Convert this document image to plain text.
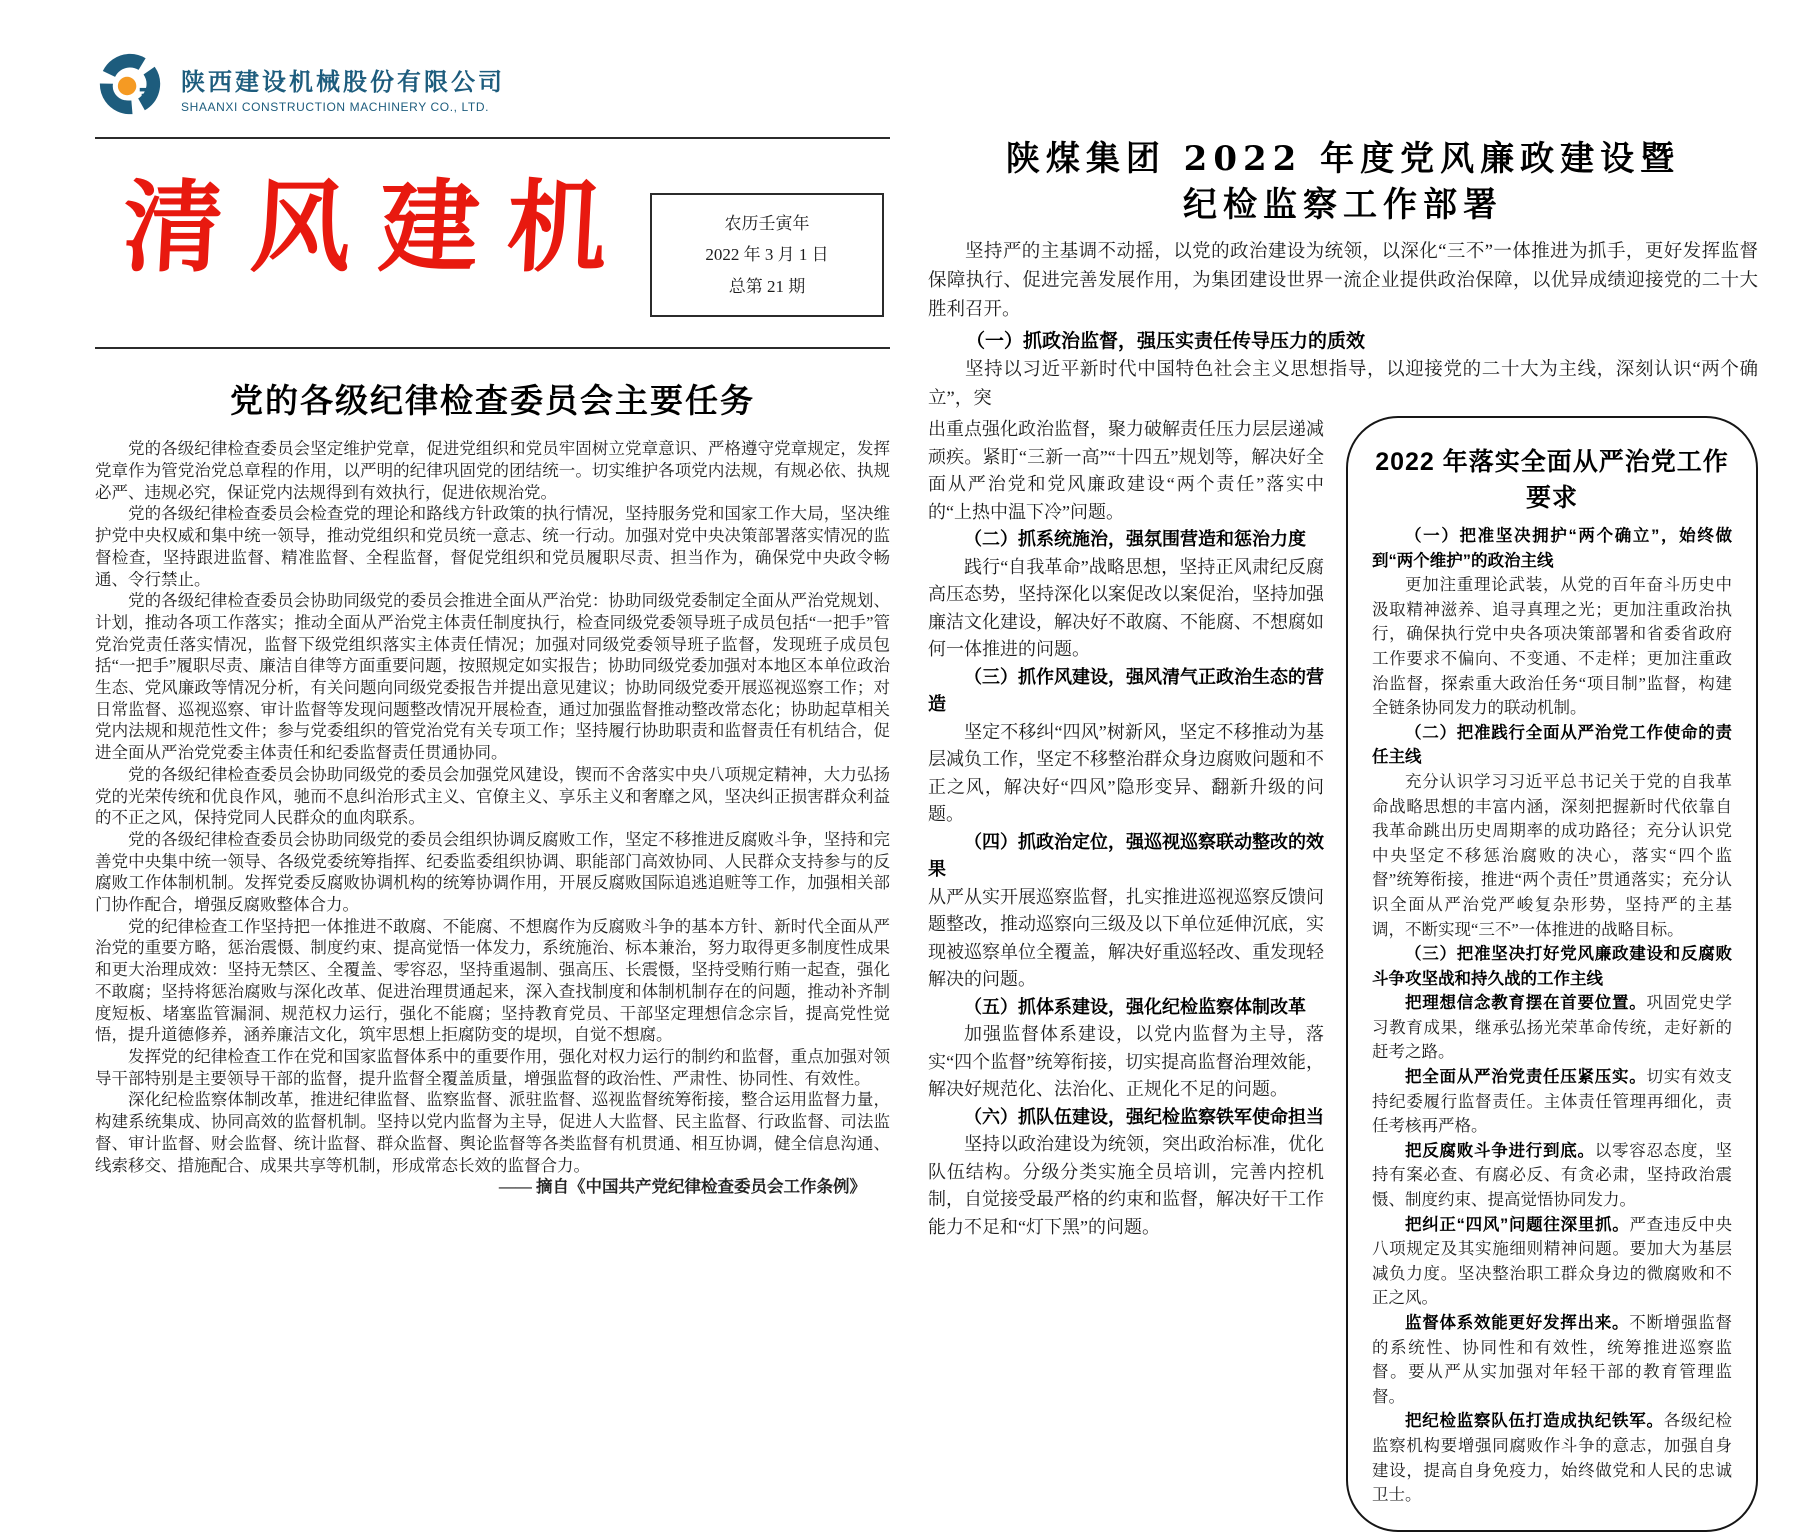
陕西建设机械股份有限公司
SHAANXI CONSTRUCTION MACHINERY CO., LTD.
清风建机	农历壬寅年
2022 年 3 月 1 日
总第 21 期
党的各级纪律检查委员会主要任务

党的各级纪律检查委员会坚定维护党章，促进党组织和党员牢固树立党章意识、严格遵守党章规定，发挥党章作为管党治党总章程的作用，以严明的纪律巩固党的团结统一。切实维护各项党内法规，有规必依、执规必严、违规必究，保证党内法规得到有效执行，促进依规治党。

党的各级纪律检查委员会检查党的理论和路线方针政策的执行情况，坚持服务党和国家工作大局，坚决维护党中央权威和集中统一领导，推动党组织和党员统一意志、统一行动。加强对党中央决策部署落实情况的监督检查，坚持跟进监督、精准监督、全程监督，督促党组织和党员履职尽责、担当作为，确保党中央政令畅通、令行禁止。

党的各级纪律检查委员会协助同级党的委员会推进全面从严治党：协助同级党委制定全面从严治党规划、计划，推动各项工作落实；推动全面从严治党主体责任制度执行，检查同级党委领导班子成员包括“一把手”管党治党责任落实情况，监督下级党组织落实主体责任情况；加强对同级党委领导班子监督，发现班子成员包括“一把手”履职尽责、廉洁自律等方面重要问题，按照规定如实报告；协助同级党委加强对本地区本单位政治生态、党风廉政等情况分析，有关问题向同级党委报告并提出意见建议；协助同级党委开展巡视巡察工作；对日常监督、巡视巡察、审计监督等发现问题整改情况开展检查，通过加强监督推动整改常态化；协助起草相关党内法规和规范性文件；参与党委组织的管党治党有关专项工作；坚持履行协助职责和监督责任有机结合，促进全面从严治党党委主体责任和纪委监督责任贯通协同。

党的各级纪律检查委员会协助同级党的委员会加强党风建设，锲而不舍落实中央八项规定精神，大力弘扬党的光荣传统和优良作风，驰而不息纠治形式主义、官僚主义、享乐主义和奢靡之风，坚决纠正损害群众利益的不正之风，保持党同人民群众的血肉联系。

党的各级纪律检查委员会协助同级党的委员会组织协调反腐败工作，坚定不移推进反腐败斗争，坚持和完善党中央集中统一领导、各级党委统筹指挥、纪委监委组织协调、职能部门高效协同、人民群众支持参与的反腐败工作体制机制。发挥党委反腐败协调机构的统筹协调作用，开展反腐败国际追逃追赃等工作，加强相关部门协作配合，增强反腐败整体合力。

党的纪律检查工作坚持把一体推进不敢腐、不能腐、不想腐作为反腐败斗争的基本方针、新时代全面从严治党的重要方略，惩治震慑、制度约束、提高觉悟一体发力，系统施治、标本兼治，努力取得更多制度性成果和更大治理成效：坚持无禁区、全覆盖、零容忍，坚持重遏制、强高压、长震慑，坚持受贿行贿一起查，强化不敢腐；坚持将惩治腐败与深化改革、促进治理贯通起来，深入查找制度和体制机制存在的问题，推动补齐制度短板、堵塞监管漏洞、规范权力运行，强化不能腐；坚持教育党员、干部坚定理想信念宗旨，提高党性觉悟，提升道德修养，涵养廉洁文化，筑牢思想上拒腐防变的堤坝，自觉不想腐。

发挥党的纪律检查工作在党和国家监督体系中的重要作用，强化对权力运行的制约和监督，重点加强对领导干部特别是主要领导干部的监督，提升监督全覆盖质量，增强监督的政治性、严肃性、协同性、有效性。

深化纪检监察体制改革，推进纪律监督、监察监督、派驻监督、巡视监督统筹衔接，整合运用监督力量，构建系统集成、协同高效的监督机制。坚持以党内监督为主导，促进人大监督、民主监督、行政监督、司法监督、审计监督、财会监督、统计监督、群众监督、舆论监督等各类监督有机贯通、相互协调，健全信息沟通、线索移交、措施配合、成果共享等机制，形成常态长效的监督合力。

—— 摘自《中国共产党纪律检查委员会工作条例》

陕煤集团 2022 年度党风廉政建设暨
纪检监察工作部署

坚持严的主基调不动摇，以党的政治建设为统领，以深化“三不”一体推进为抓手，更好发挥监督保障执行、促进完善发展作用，为集团建设世界一流企业提供政治保障，以优异成绩迎接党的二十大胜利召开。

（一）抓政治监督，强压实责任传导压力的质效

坚持以习近平新时代中国特色社会主义思想指导，以迎接党的二十大为主线，深刻认识“两个确立”，突

出重点强化政治监督，聚力破解责任压力层层递减顽疾。紧盯“三新一高”“十四五”规划等，解决好全面从严治党和党风廉政建设“两个责任”落实中的“上热中温下冷”问题。

（二）抓系统施治，强氛围营造和惩治力度

践行“自我革命”战略思想，坚持正风肃纪反腐高压态势，坚持深化以案促改以案促治，坚持加强廉洁文化建设，解决好不敢腐、不能腐、不想腐如何一体推进的问题。

（三）抓作风建设，强风清气正政治生态的营造

坚定不移纠“四风”树新风，坚定不移推动为基层减负工作，坚定不移整治群众身边腐败问题和不正之风，解决好“四风”隐形变异、翻新升级的问题。

（四）抓政治定位，强巡视巡察联动整改的效果

从严从实开展巡察监督，扎实推进巡视巡察反馈问题整改，推动巡察向三级及以下单位延伸沉底，实现被巡察单位全覆盖，解决好重巡轻改、重发现轻解决的问题。

（五）抓体系建设，强化纪检监察体制改革

加强监督体系建设，以党内监督为主导，落实“四个监督”统筹衔接，切实提高监督治理效能，解决好规范化、法治化、正规化不足的问题。

（六）抓队伍建设，强纪检监察铁军使命担当

坚持以政治建设为统领，突出政治标准，优化队伍结构。分级分类实施全员培训，完善内控机制，自觉接受最严格的约束和监督，解决好干工作能力不足和“灯下黑”的问题。

2022 年落实全面从严治党工作要求

（一）把准坚决拥护“两个确立”，始终做到“两个维护”的政治主线

更加注重理论武装，从党的百年奋斗历史中汲取精神滋养、追寻真理之光；更加注重政治执行，确保执行党中央各项决策部署和省委省政府工作要求不偏向、不变通、不走样；更加注重政治监督，探索重大政治任务“项目制”监督，构建全链条协同发力的联动机制。

（二）把准践行全面从严治党工作使命的责任主线

充分认识学习习近平总书记关于党的自我革命战略思想的丰富内涵，深刻把握新时代依靠自我革命跳出历史周期率的成功路径；充分认识党中央坚定不移惩治腐败的决心，落实“四个监督”统筹衔接，推进“两个责任”贯通落实；充分认识全面从严治党严峻复杂形势，坚持严的主基调，不断实现“三不”一体推进的战略目标。

（三）把准坚决打好党风廉政建设和反腐败斗争攻坚战和持久战的工作主线

把理想信念教育摆在首要位置。巩固党史学习教育成果，继承弘扬光荣革命传统，走好新的赶考之路。

把全面从严治党责任压紧压实。切实有效支持纪委履行监督责任。主体责任管理再细化，责任考核再严格。

把反腐败斗争进行到底。以零容忍态度，坚持有案必查、有腐必反、有贪必肃，坚持政治震慑、制度约束、提高觉悟协同发力。

把纠正“四风”问题往深里抓。严查违反中央八项规定及其实施细则精神问题。要加大为基层减负力度。坚决整治职工群众身边的微腐败和不正之风。

监督体系效能更好发挥出来。不断增强监督的系统性、协同性和有效性，统筹推进巡察监督。要从严从实加强对年轻干部的教育管理监督。

把纪检监察队伍打造成执纪铁军。各级纪检监察机构要增强同腐败作斗争的意志，加强自身建设，提高自身免疫力，始终做党和人民的忠诚卫士。
